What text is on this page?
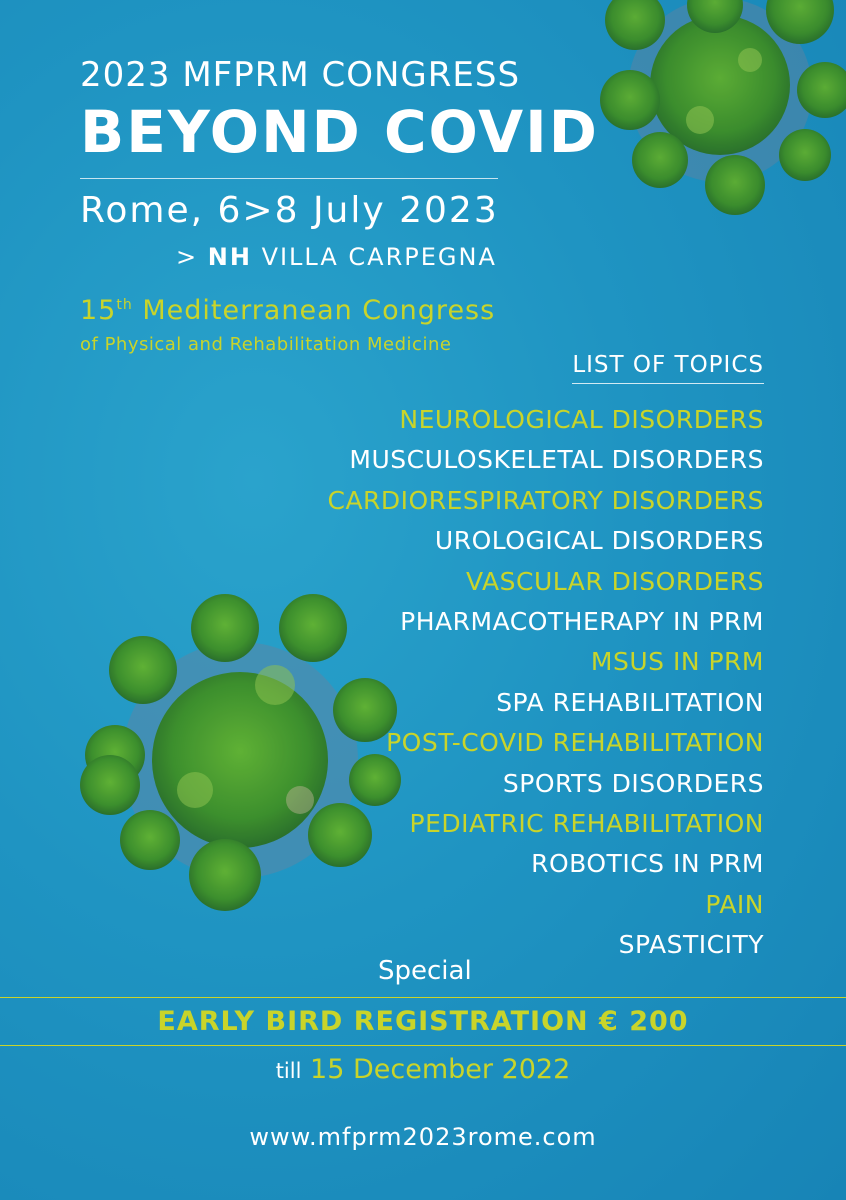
2023 MFPRM CONGRESS
BEYOND COVID
Rome, 6>8 July 2023
> NH VILLA CARPEGNA
15th Mediterranean Congress
of Physical and Rehabilitation Medicine
LIST OF TOPICS
NEUROLOGICAL DISORDERS
MUSCULOSKELETAL DISORDERS
CARDIORESPIRATORY DISORDERS
UROLOGICAL DISORDERS
VASCULAR DISORDERS
PHARMACOTHERAPY IN PRM
MSUS IN PRM
SPA REHABILITATION
POST-COVID REHABILITATION
SPORTS DISORDERS
PEDIATRIC REHABILITATION
ROBOTICS IN PRM
PAIN
SPASTICITY
Special
EARLY BIRD REGISTRATION € 200
till 15 December 2022
www.mfprm2023rome.com
